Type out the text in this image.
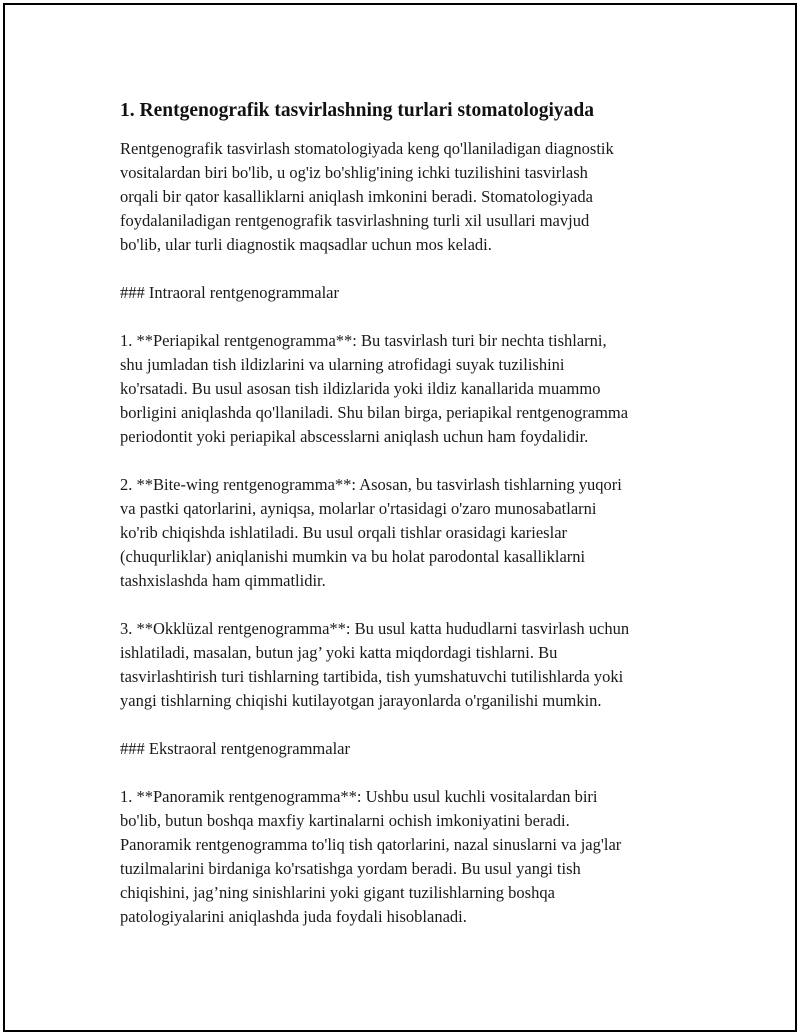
1. Rentgenografik tasvirlashning turlari stomatologiyada

Rentgenografik tasvirlash stomatologiyada keng qo'llaniladigan diagnostik
vositalardan biri bo'lib, u og'iz bo'shlig'ining ichki tuzilishini tasvirlash
orqali bir qator kasalliklarni aniqlash imkonini beradi. Stomatologiyada
foydalaniladigan rentgenografik tasvirlashning turli xil usullari mavjud
bo'lib, ular turli diagnostik maqsadlar uchun mos keladi.

### Intraoral rentgenogrammalar

1. **Periapikal rentgenogramma**: Bu tasvirlash turi bir nechta tishlarni,
shu jumladan tish ildizlarini va ularning atrofidagi suyak tuzilishini
ko'rsatadi. Bu usul asosan tish ildizlarida yoki ildiz kanallarida muammo
borligini aniqlashda qo'llaniladi. Shu bilan birga, periapikal rentgenogramma
periodontit yoki periapikal abscesslarni aniqlash uchun ham foydalidir.

2. **Bite-wing rentgenogramma**: Asosan, bu tasvirlash tishlarning yuqori
va pastki qatorlarini, ayniqsa, molarlar o'rtasidagi o'zaro munosabatlarni
ko'rib chiqishda ishlatiladi. Bu usul orqali tishlar orasidagi karieslar
(chuqurliklar) aniqlanishi mumkin va bu holat parodontal kasalliklarni
tashxislashda ham qimmatlidir.

3. **Okklüzal rentgenogramma**: Bu usul katta hududlarni tasvirlash uchun
ishlatiladi, masalan, butun jag’ yoki katta miqdordagi tishlarni. Bu
tasvirlashtirish turi tishlarning tartibida, tish yumshatuvchi tutilishlarda yoki
yangi tishlarning chiqishi kutilayotgan jarayonlarda o'rganilishi mumkin.

### Ekstraoral rentgenogrammalar

1. **Panoramik rentgenogramma**: Ushbu usul kuchli vositalardan biri
bo'lib, butun boshqa maxfiy kartinalarni ochish imkoniyatini beradi.
Panoramik rentgenogramma to'liq tish qatorlarini, nazal sinuslarni va jag'lar
tuzilmalarini birdaniga ko'rsatishga yordam beradi. Bu usul yangi tish
chiqishini, jag’ning sinishlarini yoki gigant tuzilishlarning boshqa
patologiyalarini aniqlashda juda foydali hisoblanadi.
